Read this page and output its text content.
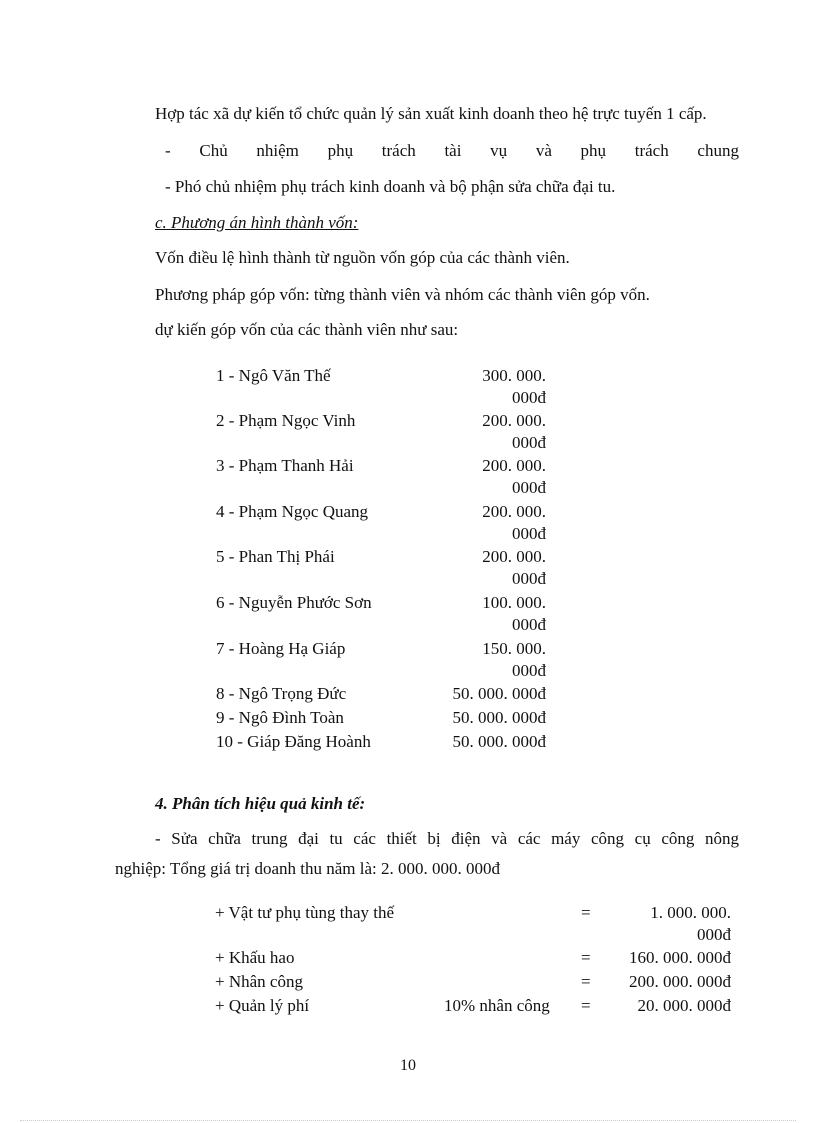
Hợp tác xã dự kiến tổ chức quản lý sản xuất kinh doanh theo hệ trực tuyến 1 cấp.
- Chủ nhiệm phụ trách tài vụ và phụ trách chung
- Phó chủ nhiệm phụ trách kinh doanh và bộ phận sửa chữa đại tu.
c. Phương án hình thành vốn:
Vốn điều lệ hình thành từ nguồn vốn góp của các thành viên.
Phương pháp góp vốn: từng thành viên và nhóm các thành viên góp vốn.
dự kiến góp vốn của các thành viên như sau:
1 - Ngô Văn Thế	300. 000.
000đ
2 - Phạm Ngọc Vinh	200. 000.
000đ
3 - Phạm Thanh Hải	200. 000.
000đ
4 - Phạm Ngọc Quang	200. 000.
000đ
5 - Phan Thị Phái	200. 000.
000đ
6 - Nguyễn Phước Sơn	100. 000.
000đ
7 - Hoàng Hạ Giáp	150. 000.
000đ
8 - Ngô Trọng Đức	50. 000. 000đ
9 - Ngô Đình Toàn	50. 000. 000đ
10 - Giáp Đăng Hoành	50. 000. 000đ
4. Phân tích hiệu quả kinh tế:
- Sửa chữa trung đại tu các thiết bị điện và các máy công cụ công nông
nghiệp: Tổng giá trị doanh thu năm là: 2. 000. 000. 000đ
+ Vật tư phụ tùng thay thế	=	1. 000. 000.
000đ
+ Khấu hao	= 160. 000. 000đ
+ Nhân công	= 200. 000. 000đ
+ Quản lý phí	10% nhân công =	20. 000. 000đ
10
